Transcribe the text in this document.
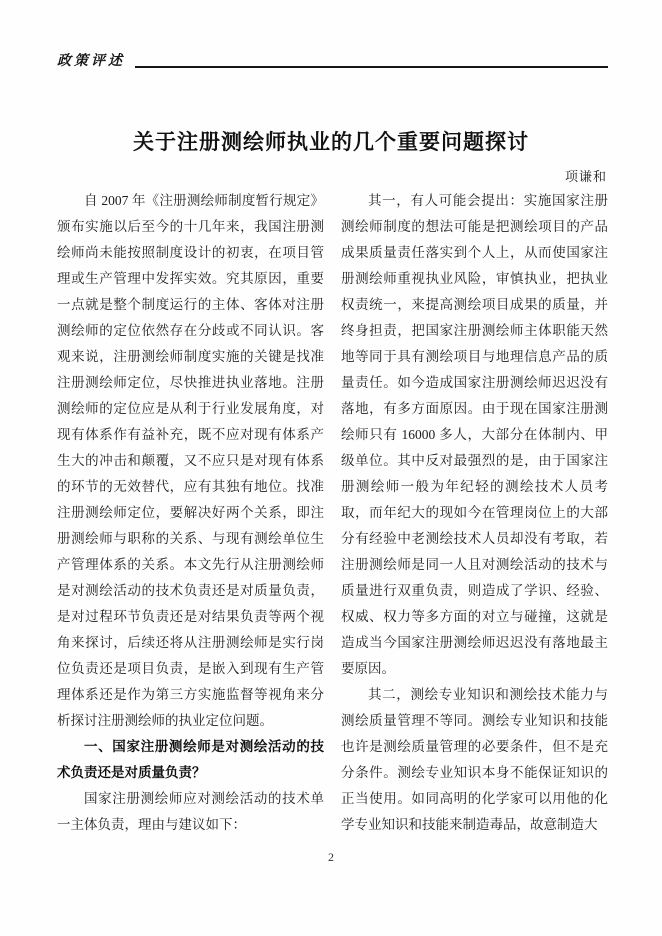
政策评述
关于注册测绘师执业的几个重要问题探讨
项谦和

自 2007 年《注册测绘师制度暂行规定》颁布实施以后至今的十几年来，我国注册测绘师尚未能按照制度设计的初衷，在项目管理或生产管理中发挥实效。究其原因，重要一点就是整个制度运行的主体、客体对注册测绘师的定位依然存在分歧或不同认识。客观来说，注册测绘师制度实施的关键是找准注册测绘师定位，尽快推进执业落地。注册测绘师的定位应是从利于行业发展角度，对现有体系作有益补充，既不应对现有体系产生大的冲击和颠覆，又不应只是对现有体系的环节的无效替代，应有其独有地位。找准注册测绘师定位，要解决好两个关系，即注册测绘师与职称的关系、与现有测绘单位生产管理体系的关系。本文先行从注册测绘师是对测绘活动的技术负责还是对质量负责，是对过程环节负责还是对结果负责等两个视角来探讨，后续还将从注册测绘师是实行岗位负责还是项目负责，是嵌入到现有生产管理体系还是作为第三方实施监督等视角来分析探讨注册测绘师的执业定位问题。

一、国家注册测绘师是对测绘活动的技术负责还是对质量负责？

国家注册测绘师应对测绘活动的技术单一主体负责，理由与建议如下：

其一，有人可能会提出：实施国家注册测绘师制度的想法可能是把测绘项目的产品成果质量责任落实到个人上，从而使国家注册测绘师重视执业风险，审慎执业，把执业权责统一，来提高测绘项目成果的质量，并终身担责，把国家注册测绘师主体职能天然地等同于具有测绘项目与地理信息产品的质量责任。如今造成国家注册测绘师迟迟没有落地，有多方面原因。由于现在国家注册测绘师只有 16000 多人，大部分在体制内、甲级单位。其中反对最强烈的是，由于国家注册测绘师一般为年纪轻的测绘技术人员考取，而年纪大的现如今在管理岗位上的大部分有经验中老测绘技术人员却没有考取，若注册测绘师是同一人且对测绘活动的技术与质量进行双重负责，则造成了学识、经验、权威、权力等多方面的对立与碰撞，这就是造成当今国家注册测绘师迟迟没有落地最主要原因。

其二，测绘专业知识和测绘技术能力与测绘质量管理不等同。测绘专业知识和技能也许是测绘质量管理的必要条件，但不是充分条件。测绘专业知识本身不能保证知识的正当使用。如同高明的化学家可以用他的化学专业知识和技能来制造毒品，故意制造大

2
